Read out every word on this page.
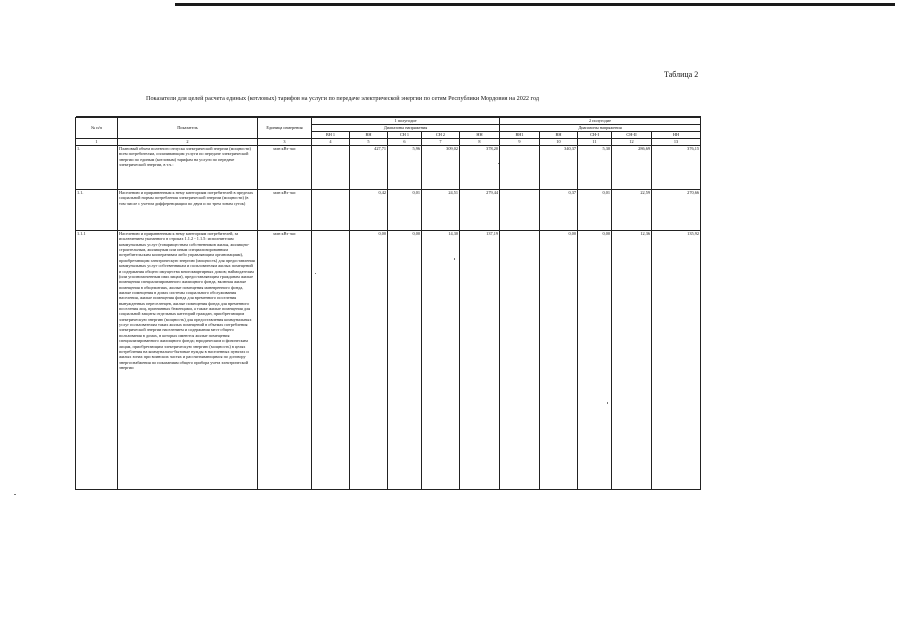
Таблица 2
Показатели для целей расчета единых (котловых) тарифов на услуги по передаче электрической энергии по сетям Республики Мордовия на 2022 год

№ п/п	Показатель	Единица измерения	1 полугодие					2 полугодие				
			Диапазоны напряжения					Диапазоны напряжения				
			ВН 1	ВН	СН 1	СН 2	НН	ВН1	ВН	СН-I	СН-II	НН
1	2	3	4	5	6	7	8	9	10	11	12	13
1.	Плановый объем полезного отпуска электрической энергии (мощности) всем потребителям, оплачивающим услуги по передаче электрической энергии по единым (котловым) тарифам на услуги по передаче электрической энергии, в т.ч.:	млн кВт·час		427,71	5,96	309,02	378,20		340,37	5,30	286,69	376,15
1.1.	Населению и приравненным к нему категориям потребителей в пределах социальной нормы потребления электрической энергии (мощности) (в том числе с учетом дифференциации по двум и по трем зонам суток)	млн кВт·час		0,42	0,01	24,51	279,44		0,37	0,01	22,59	270,66
1.1.1	Населению и приравненным к нему категориям потребителей, за исключением указанного в строках 1.1.2 - 1.1.5: исполнителям коммунальных услуг (товариществам собственников жилья, жилищно-строительным, жилищным или иным специализированным потребительским кооперативам либо управляющим организациям), приобретающим электрическую энергию (мощность) для предоставления коммунальных услуг собственникам и пользователям жилых помещений и содержания общего имущества многоквартирных домов; наймодателям (или уполномоченным ими лицам), предоставляющим гражданам жилые помещения специализированного жилищного фонда, включая жилые помещения в общежитиях, жилые помещения маневренного фонда, жилые помещения в домах системы социального обслуживания населения, жилые помещения фонда для временного поселения вынужденных переселенцев, жилые помещения фонда для временного поселения лиц, признанных беженцами, а также жилые помещения для социальной защиты отдельных категорий граждан, приобретающим электрическую энергию (мощность) для предоставления коммунальных услуг пользователям таких жилых помещений в объемах потребления электрической энергии населением и содержания мест общего пользования в домах, в которых имеются жилые помещения специализированного жилищного фонда; юридическим и физическим лицам, приобретающим электрическую энергию (мощность) в целях потребления на коммунально-бытовые нужды в населенных пунктах и жилых зонах при воинских частях и рассчитывающимся по договору энергоснабжения по показаниям общего прибора учета электрической энергии	млн кВт·час		0,00	0,00	14,30	137,19		0,00	0,00	12,36	135,92
